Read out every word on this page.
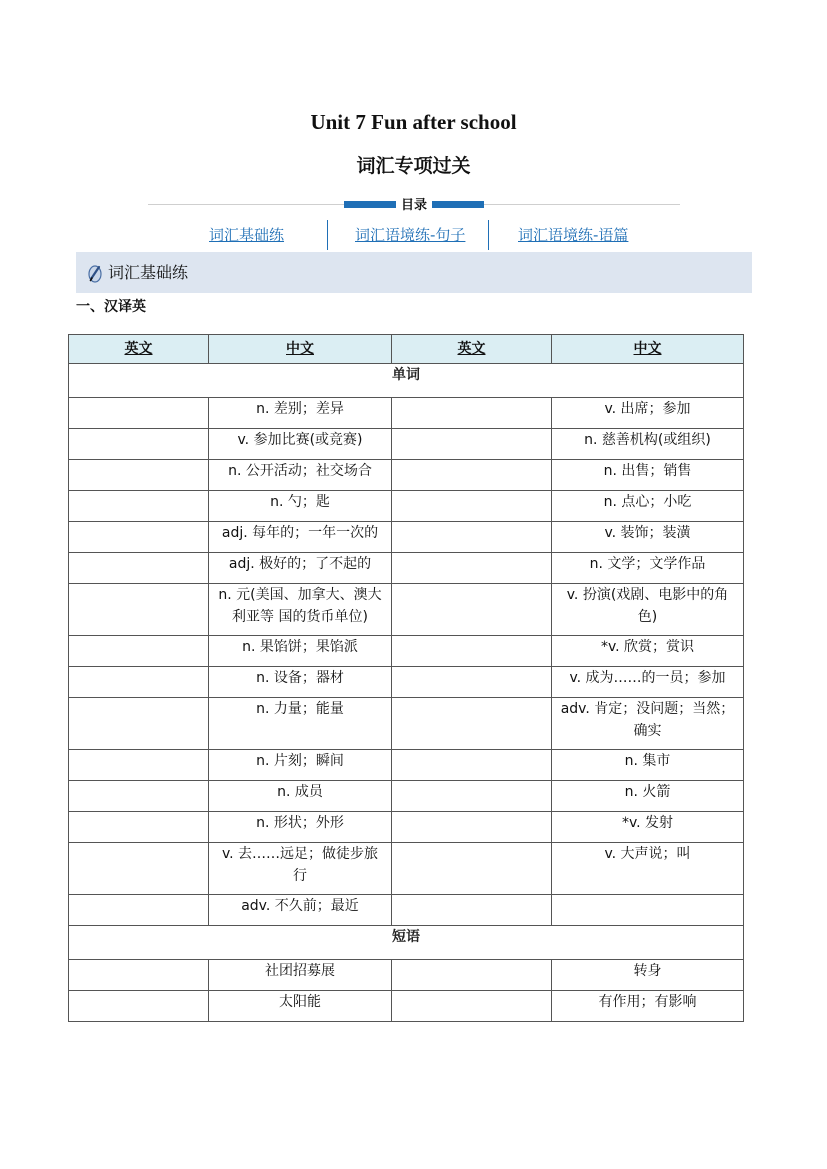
Unit 7 Fun after school
词汇专项过关
目录
词汇基础练	词汇语境练-句子	词汇语境练-语篇
词汇基础练
一、汉译英
英文	中文	英文	中文
单词			
	n. 差别；差异		v. 出席；参加
	v. 参加比赛(或竞赛)		n. 慈善机构(或组织)
	n. 公开活动；社交场合		n. 出售；销售
	n. 勺；匙		n. 点心；小吃
	adj. 每年的；一年一次的		v. 装饰；装潢
	adj. 极好的；了不起的		n. 文学；文学作品
	n. 元(美国、加拿大、澳大利亚等 国的货币单位)		v. 扮演(戏剧、电影中的角色)
	n. 果馅饼；果馅派		*v. 欣赏；赏识
	n. 设备；器材		v. 成为……的一员；参加
	n. 力量；能量		adv. 肯定；没问题；当然；确实
	n. 片刻；瞬间		n. 集市
	n. 成员		n. 火箭
	n. 形状；外形		*v. 发射
	v. 去……远足；做徒步旅行		v. 大声说；叫
	adv. 不久前；最近		
短语			
	社团招募展		转身
	太阳能		有作用；有影响
